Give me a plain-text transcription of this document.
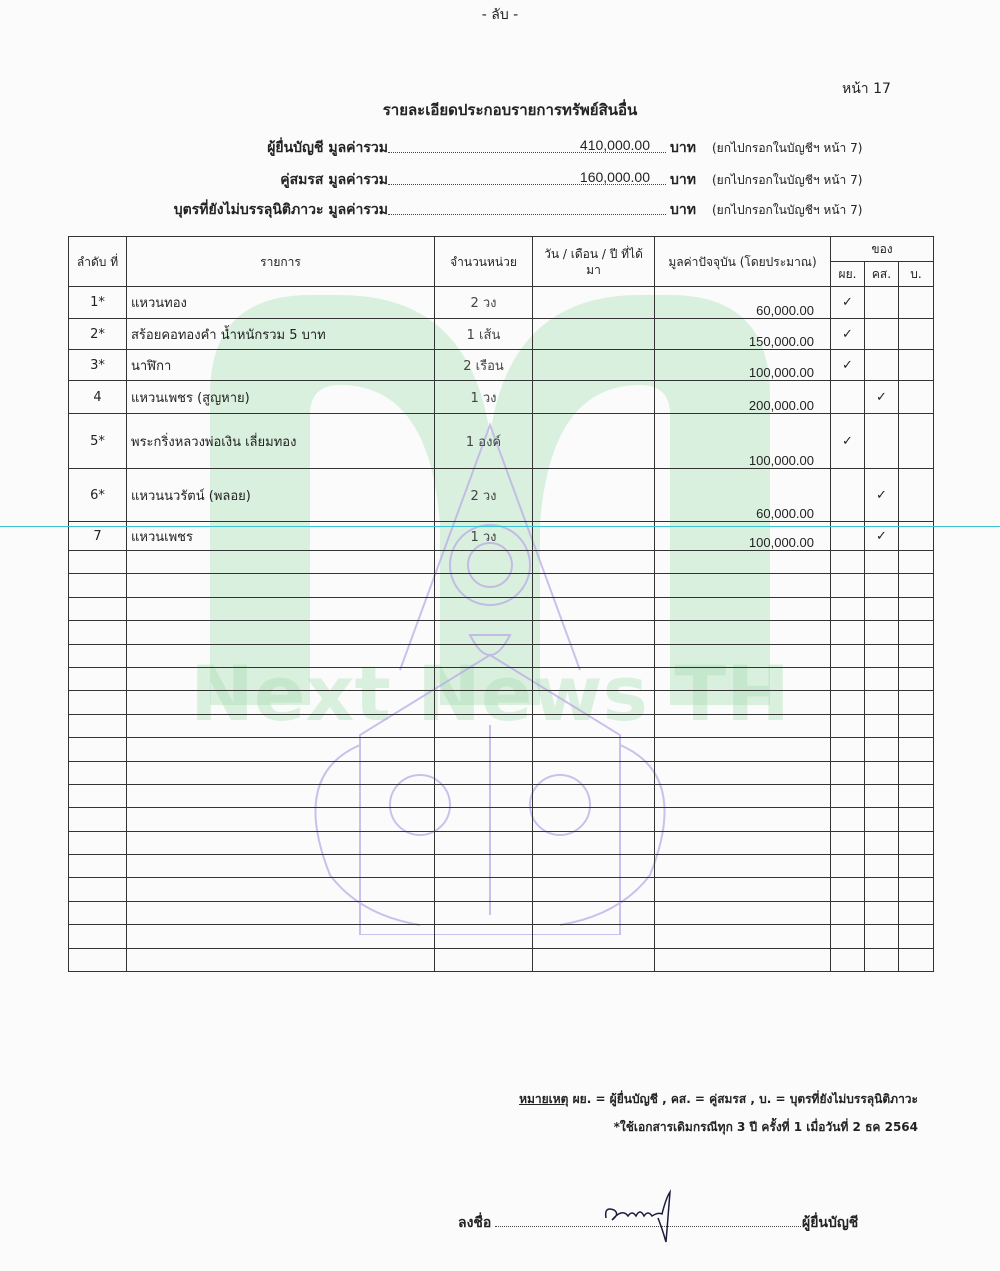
Next News TH
- ลับ -
หน้า 17
รายละเอียดประกอบรายการทรัพย์สินอื่น
ผู้ยื่นบัญชี มูลค่ารวม	410,000.00 บาท (ยกไปกรอกในบัญชีฯ หน้า 7)
คู่สมรส มูลค่ารวม	160,000.00 บาท (ยกไปกรอกในบัญชีฯ หน้า 7)
บุตรที่ยังไม่บรรลุนิติภาวะ มูลค่ารวม	บาท (ยกไปกรอกในบัญชีฯ หน้า 7)
ลำดับ ที่	รายการ	จำนวนหน่วย	วัน / เดือน / ปี ที่ได้มา	มูลค่าปัจจุบัน (โดยประมาณ)	ของ		
					ผย.	คส.	บ.
1*	แหวนทอง	2 วง		60,000.00	✓		
2*	สร้อยคอทองคำ น้ำหนักรวม 5 บาท	1 เส้น		150,000.00	✓		
3*	นาฬิกา	2 เรือน		100,000.00	✓		
4	แหวนเพชร (สูญหาย)	1 วง		200,000.00		✓	
5*	พระกริ่งหลวงพ่อเงิน เลี่ยมทอง	1 องค์		100,000.00	✓		
6*	แหวนนวรัตน์ (พลอย)	2 วง		60,000.00		✓	
7	แหวนเพชร	1 วง		100,000.00		✓	

หมายเหตุ ผย. = ผู้ยื่นบัญชี , คส. = คู่สมรส , บ. = บุตรที่ยังไม่บรรลุนิติภาวะ
*ใช้เอกสารเดิมกรณีทุก 3 ปี ครั้งที่ 1 เมื่อวันที่ 2 ธค 2564
ลงชื่อ	ผู้ยื่นบัญชี
